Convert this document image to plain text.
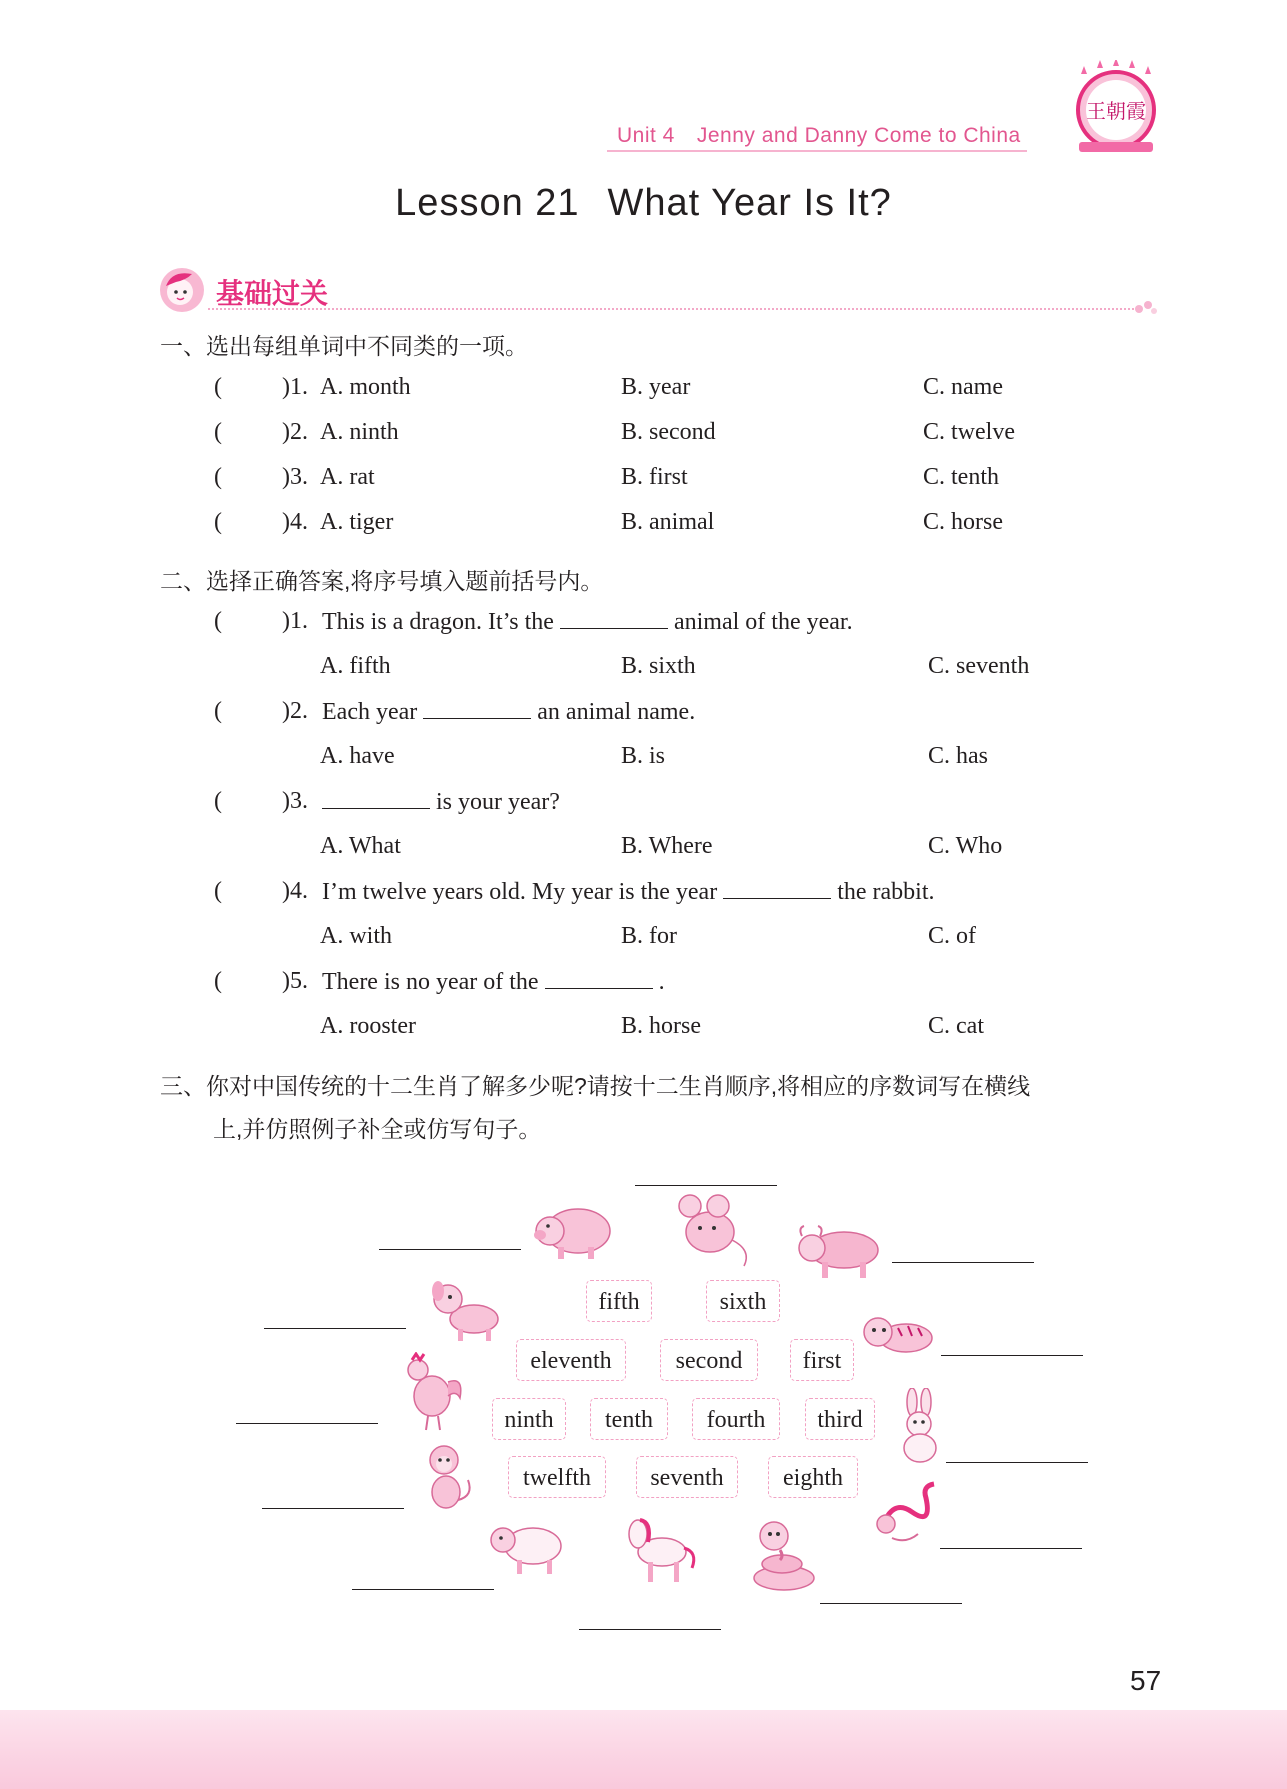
Unit 4 Jenny and Danny Come to China
王朝霞
Lesson 21 What Year Is It?
基础过关
一、选出每组单词中不同类的一项。
(	)1. A. month	B. year	C. name
(	)2. A. ninth	B. second	C. twelve
(	)3. A. rat	B. first	C. tenth
(	)4. A. tiger	B. animal	C. horse
二、选择正确答案,将序号填入题前括号内。
(	)1. This is a dragon. It’s the	animal of the year.
A. fifth	B. sixth	C. seventh
(	)2. Each year	an animal name.
A. have	B. is	C. has
(	)3.	is your year?
A. What	B. Where	C. Who
(	)4. I’m twelve years old. My year is the year	the rabbit.
A. with	B. for	C. of
(	)5. There is no year of the	.
A. rooster	B. horse	C. cat
三、你对中国传统的十二生肖了解多少呢?请按十二生肖顺序,将相应的序数词写在横线
上,并仿照例子补全或仿写句子。
fifth	sixth
eleventh	second	first
ninth	tenth	fourth	third
twelfth	seventh	eighth
57
